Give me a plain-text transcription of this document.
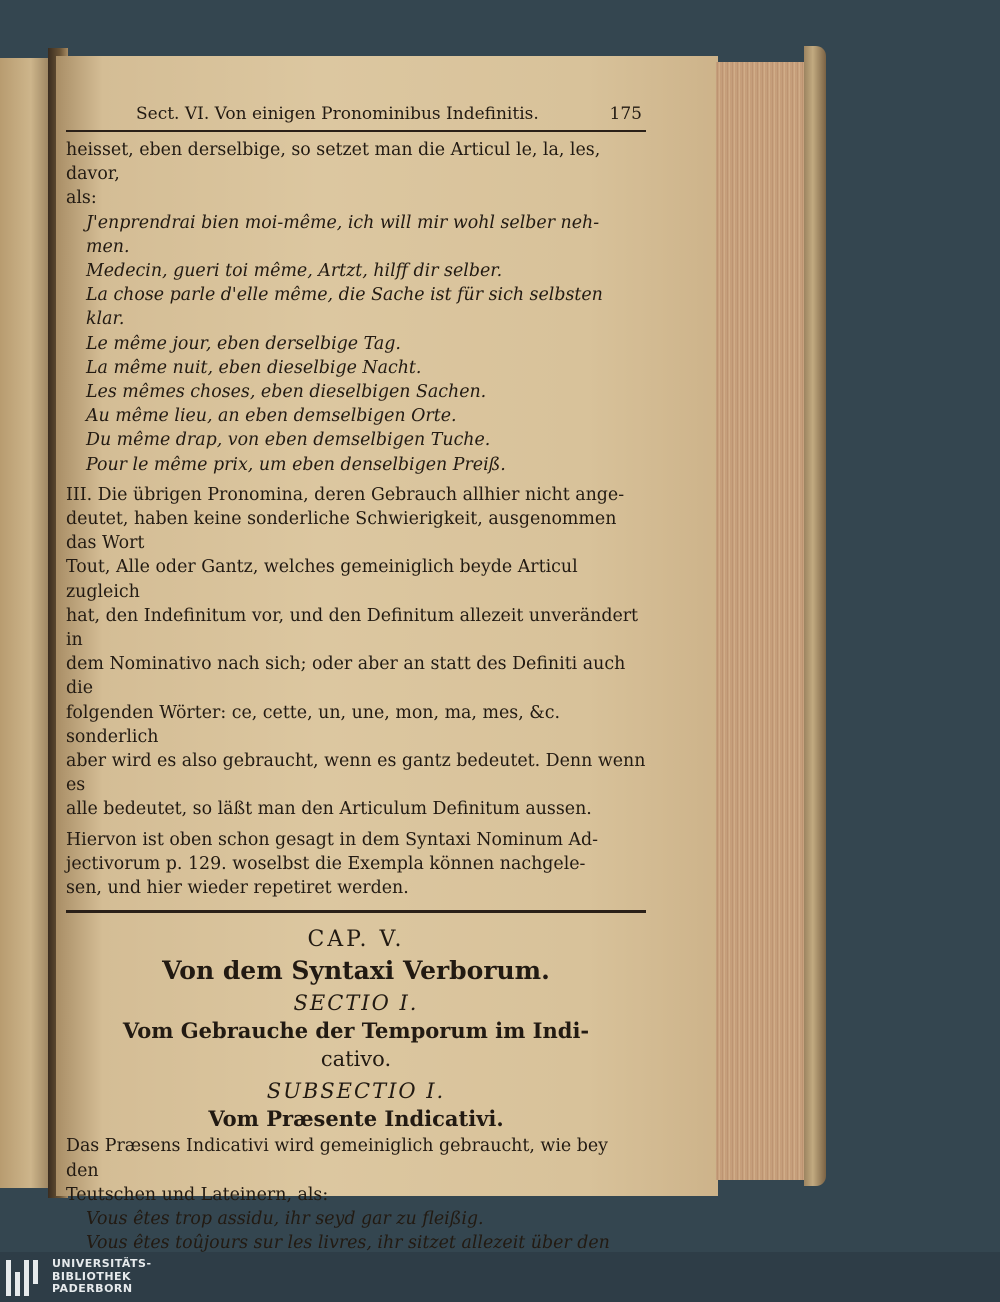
Sect. VI. Von einigen Pronominibus Indefinitis.	175
heisset, eben derselbige, so setzet man die Articul le, la, les, davor,
als:
J'enprendrai bien moi-même, ich will mir wohl selber neh-
men.
Medecin, gueri toi même, Artzt, hilff dir selber.
La chose parle d'elle même, die Sache ist für sich selbsten
klar.
Le même jour, eben derselbige Tag.
La même nuit, eben dieselbige Nacht.
Les mêmes choses, eben dieselbigen Sachen.
Au même lieu, an eben demselbigen Orte.
Du même drap, von eben demselbigen Tuche.
Pour le même prix, um eben denselbigen Preiß.
III. Die übrigen Pronomina, deren Gebrauch allhier nicht ange-
deutet, haben keine sonderliche Schwierigkeit, ausgenommen das Wort
Tout, Alle oder Gantz, welches gemeiniglich beyde Articul zugleich
hat, den Indefinitum vor, und den Definitum allezeit unverändert in
dem Nominativo nach sich; oder aber an statt des Definiti auch die
folgenden Wörter: ce, cette, un, une, mon, ma, mes, &c. sonderlich
aber wird es also gebraucht, wenn es gantz bedeutet. Denn wenn es
alle bedeutet, so läßt man den Articulum Definitum aussen.
Hiervon ist oben schon gesagt in dem Syntaxi Nominum Ad-
jectivorum p. 129. woselbst die Exempla können nachgele-
sen, und hier wieder repetiret werden.
CAP. V.
Von dem Syntaxi Verborum.
SECTIO I.
Vom Gebrauche der Temporum im Indi-
cativo.
SUBSECTIO I.
Vom Præsente Indicativi.
Das Præsens Indicativi wird gemeiniglich gebraucht, wie bey den
Teutschen und Lateinern, als:
Vous êtes trop assidu, ihr seyd gar zu fleißig.
Vous êtes toûjours sur les livres, ihr sitzet allezeit über den
UNIVERSITÄTS-
BIBLIOTHEK
PADERBORN
